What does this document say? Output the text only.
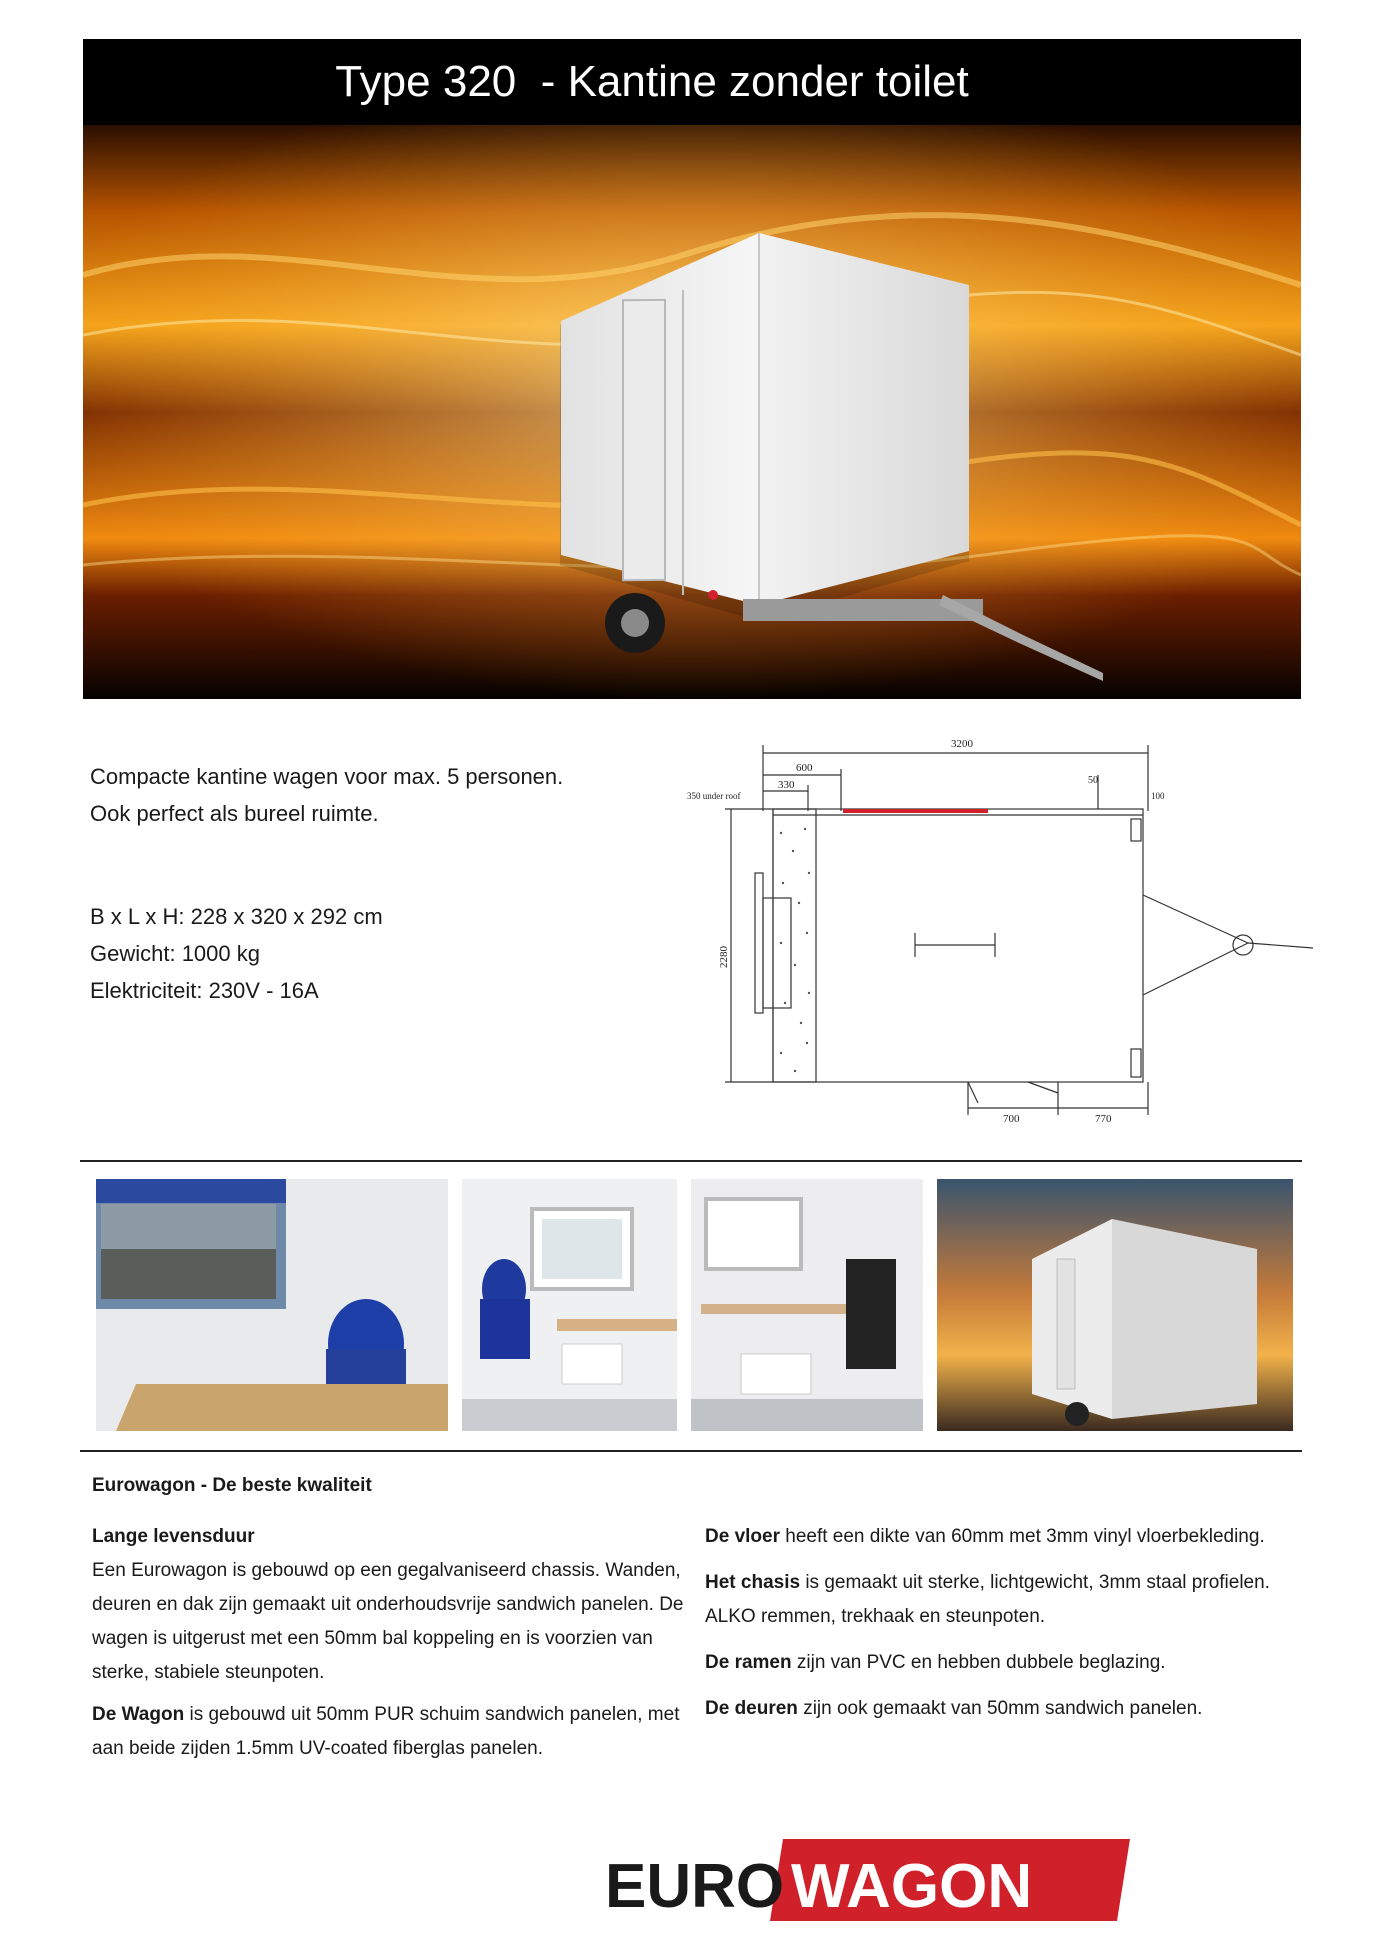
Type 320  - Kantine zonder toilet
Compacte kantine wagen voor max. 5 personen.
Ook perfect als bureel ruimte.
B x L x H: 228 x 320 x 292 cm
Gewicht: 1000 kg
Elektriciteit: 230V - 16A
3200
600
330	50
100
350 under roof
2280
700	770
Eurowagon - De beste kwaliteit
Lange levensduur
Een Eurowagon is gebouwd op een gegalvaniseerd chassis. Wanden, deuren en dak zijn gemaakt uit onderhoudsvrije sandwich panelen. De wagen is uitgerust met een 50mm bal koppeling en is voorzien van sterke, stabiele steunpoten.
De Wagon is gebouwd uit 50mm PUR schuim sandwich panelen, met aan beide zijden 1.5mm UV-coated fiberglas panelen.
De vloer heeft een dikte van 60mm met 3mm vinyl vloerbekleding.
Het chasis is gemaakt uit sterke, lichtgewicht, 3mm staal profielen. ALKO remmen, trekhaak en steunpoten.
De ramen zijn van PVC en hebben dubbele beglazing.
De deuren zijn ook gemaakt van 50mm sandwich panelen.
EURO WAGON
